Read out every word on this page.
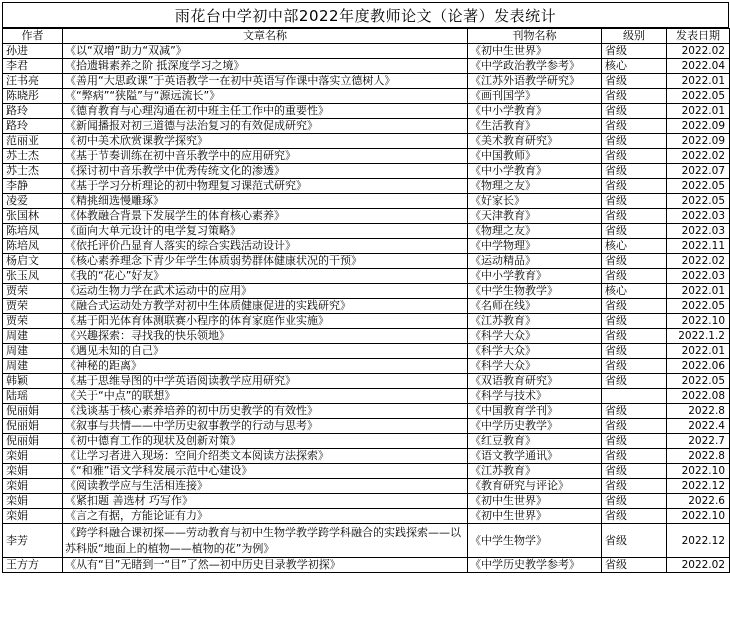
雨花台中学初中部2022年度教师论文（论著）发表统计
作者	文章名称	刊物名称	级别	发表日期
孙进	《以“双增”助力“双减”》	《初中生世界》	省级	2022.02
李君	《拾遗辑素养之阶 抵深度学习之境》	《中学政治教学参考》	核心	2022.04
汪书亮	《善用“大思政课”于英语教学一在初中英语写作课中落实立德树人》	《江苏外语教学研究》	省级	2022.01
陈晓彤	《“弊病”“狭隘”与“源远流长”》	《画刊国学》	省级	2022.05
路玲	《德育教育与心理沟通在初中班主任工作中的重要性》	《中小学教育》	省级	2022.01
路玲	《新闻播报对初三道德与法治复习的有效促成研究》	《生活教育》	省级	2022.09
范丽亚	《初中美术欣赏课教学探究》	《美术教育研究》	省级	2022.09
苏士杰	《基于节奏训练在初中音乐教学中的应用研究》	《中国教师》	省级	2022.02
苏士杰	《探讨初中音乐教学中优秀传统文化的渗透》	《中小学教育》	省级	2022.07
李静	《基于学习分析理论的初中物理复习课范式研究》	《物理之友》	省级	2022.05
凌爱	《精挑细选慢雕琢》	《好家长》	省级	2022.05
张国林	《体教融合背景下发展学生的体育核心素养》	《天津教育》	省级	2022.03
陈培凤	《面向大单元设计的电学复习策略》	《物理之友》	省级	2022.03
陈培凤	《依托评价凸显育人落实的综合实践活动设计》	《中学物理》	核心	2022.11
杨启文	《核心素养理念下青少年学生体质弱势群体健康状况的干预》	《运动精品》	省级	2022.02
张玉凤	《我的“花心”好友》	《中小学教育》	省级	2022.03
贾荣	《运动生物力学在武术运动中的应用》	《中学生物教学》	核心	2022.01
贾荣	《融合式运动处方教学对初中生体质健康促进的实践研究》	《名师在线》	省级	2022.05
贾荣	《基于阳光体育体测联赛小程序的体育家庭作业实施》	《江苏教育》	省级	2022.10
周建	《兴趣探索：寻找我的快乐领地》	《科学大众》	省级	2022.1.2
周建	《遇见未知的自己》	《科学大众》	省级	2022.01
周建	《神秘的距离》	《科学大众》	省级	2022.06
韩颖	《基于思维导图的中学英语阅读教学应用研究》	《双语教育研究》	省级	2022.05
陆瑶	《关于“中点”的联想》	《科学与技术》		2022.08
倪丽娟	《浅谈基于核心素养培养的初中历史教学的有效性》	《中国教育学刊》	省级	2022.8
倪丽娟	《叙事与共情——中学历史叙事教学的行动与思考》	《中学历史教学》	省级	2022.4
倪丽娟	《初中德育工作的现状及创新对策》	《红豆教育》	省级	2022.7
栾娟	《让学习者进入现场：空间介绍类文本阅读方法探索》	《语文教学通讯》	省级	2022.8
栾娟	《“和雅”语文学科发展示范中心建设》	《江苏教育》	省级	2022.10
栾娟	《阅读教学应与生活相连接》	《教育研究与评论》	省级	2022.12
栾娟	《紧扣题 善选材 巧写作》	《初中生世界》	省级	2022.6
栾娟	《言之有据，方能论证有力》	《初中生世界》	省级	2022.10
李芳	《跨学科融合课初探——劳动教育与初中生物学教学跨学科融合的实践探索——以苏科版“地面上的植物——植物的花”为例》	《中学生物学》	省级	2022.12
王方方	《从有“目”无睹到一“目”了然—初中历史目录教学初探》	《中学历史教学参考》	省级	2022.02
